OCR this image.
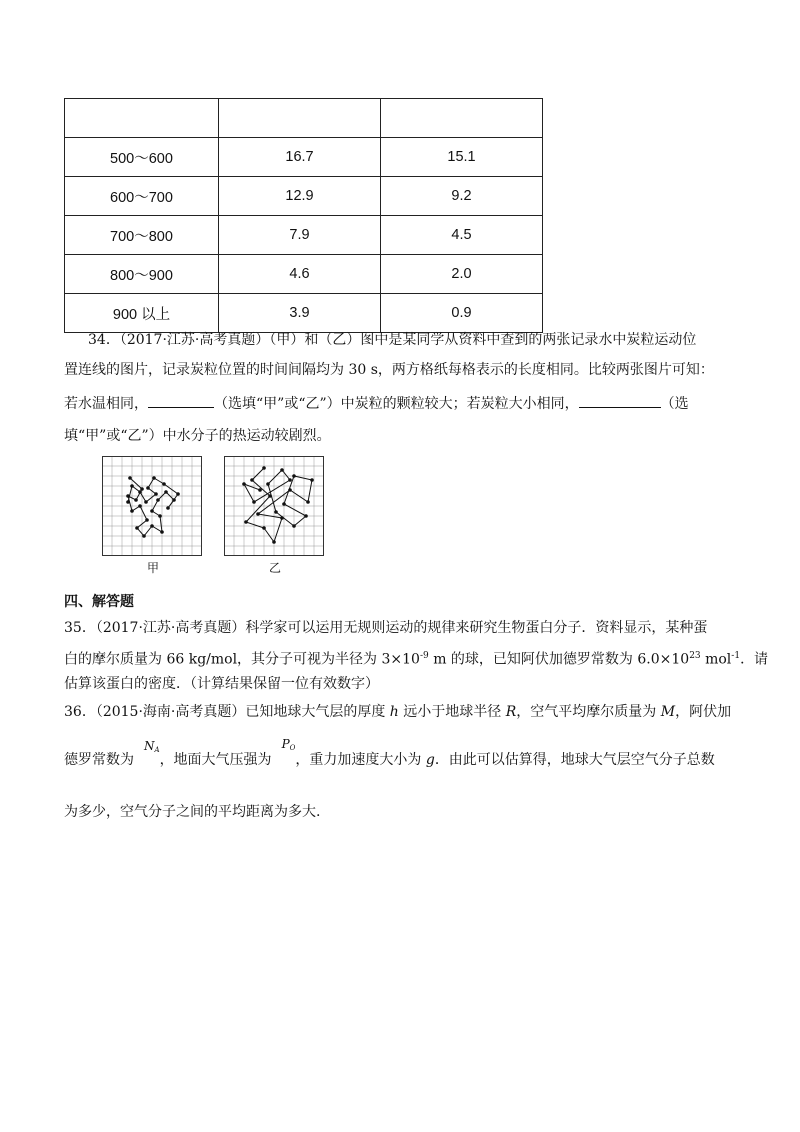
500～600	16.7	15.1
600～700	12.9	9.2
700～800	7.9	4.5
800～900	4.6	2.0
900 以上	3.9	0.9
34．（2017·江苏·高考真题）（甲）和（乙）图中是某同学从资料中查到的两张记录水中炭粒运动位
置连线的图片，记录炭粒位置的时间间隔均为 30 s，两方格纸每格表示的长度相同。比较两张图片可知：
若水温相同，	（选填“甲”或“乙”）中炭粒的颗粒较大；若炭粒大小相同，	（选
填“甲”或“乙”）中水分子的热运动较剧烈。
甲	乙
四、解答题
35．（2017·江苏·高考真题）科学家可以运用无规则运动的规律来研究生物蛋白分子．资料显示，某种蛋
白的摩尔质量为 66 kg/mol，其分子可视为半径为 $3\times 10^{-9}$ m 的球，已知阿伏加德罗常数为 $6.0\times 10^{23}$ mol$^{-1}$．请
估算该蛋白的密度．（计算结果保留一位有效数字）
36．（2015·海南·高考真题）已知地球大气层的厚度 h 远小于地球半径 R，空气平均摩尔质量为 M，阿伏加
德罗常数为$N_A$，地面大气压强为$P_O$，重力加速度大小为 g．由此可以估算得，地球大气层空气分子总数
为多少，空气分子之间的平均距离为多大.
